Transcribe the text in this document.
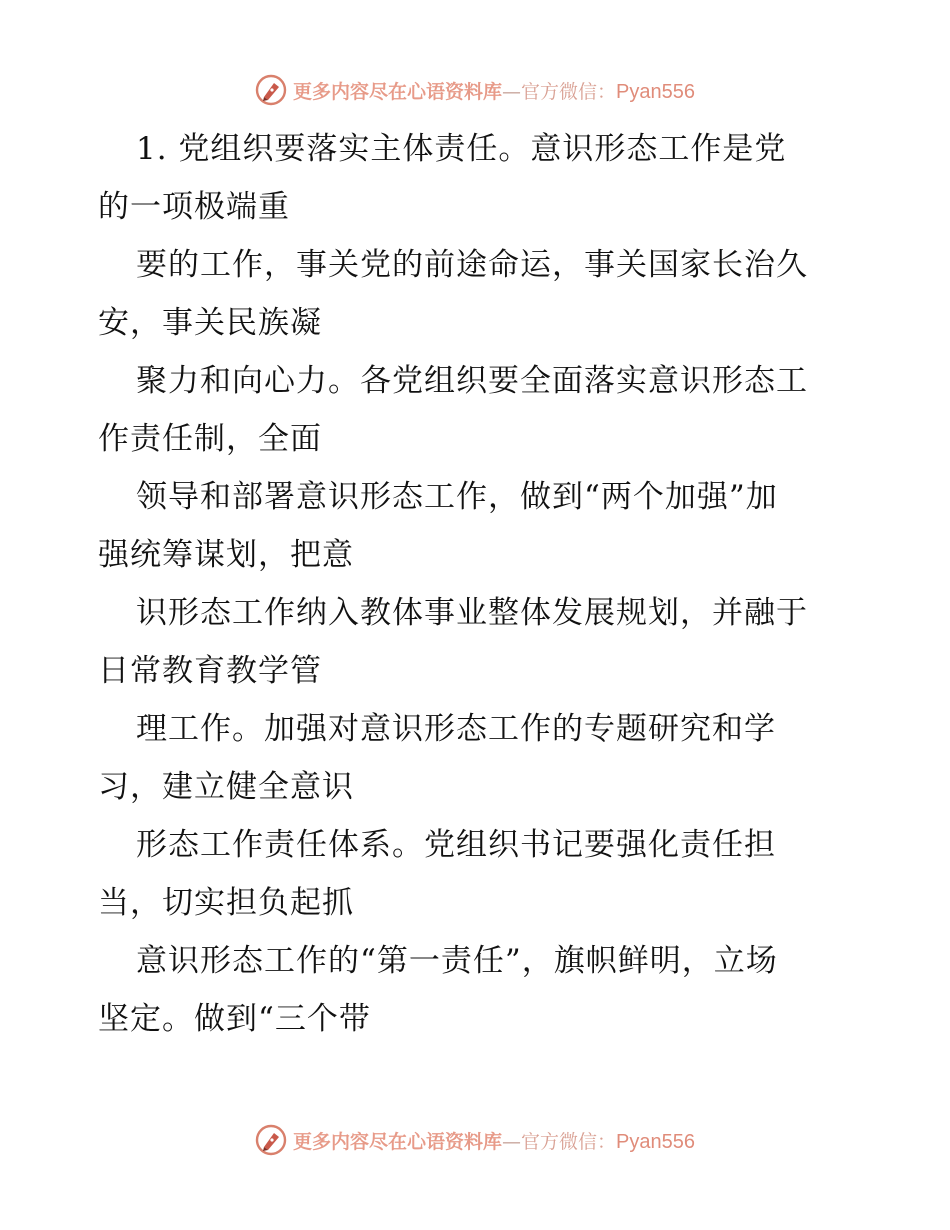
更多内容尽在心语资料库—官方微信：Pyan556

1. 党组织要落实主体责任。意识形态工作是党
的一项极端重
要的工作，事关党的前途命运，事关国家长治久
安，事关民族凝
聚力和向心力。各党组织要全面落实意识形态工
作责任制，全面
领导和部署意识形态工作，做到“两个加强”加
强统筹谋划，把意
识形态工作纳入教体事业整体发展规划，并融于
日常教育教学管
理工作。加强对意识形态工作的专题研究和学
习，建立健全意识
形态工作责任体系。党组织书记要强化责任担
当，切实担负起抓
意识形态工作的“第一责任”，旗帜鲜明，立场
坚定。做到“三个带

更多内容尽在心语资料库—官方微信：Pyan556
